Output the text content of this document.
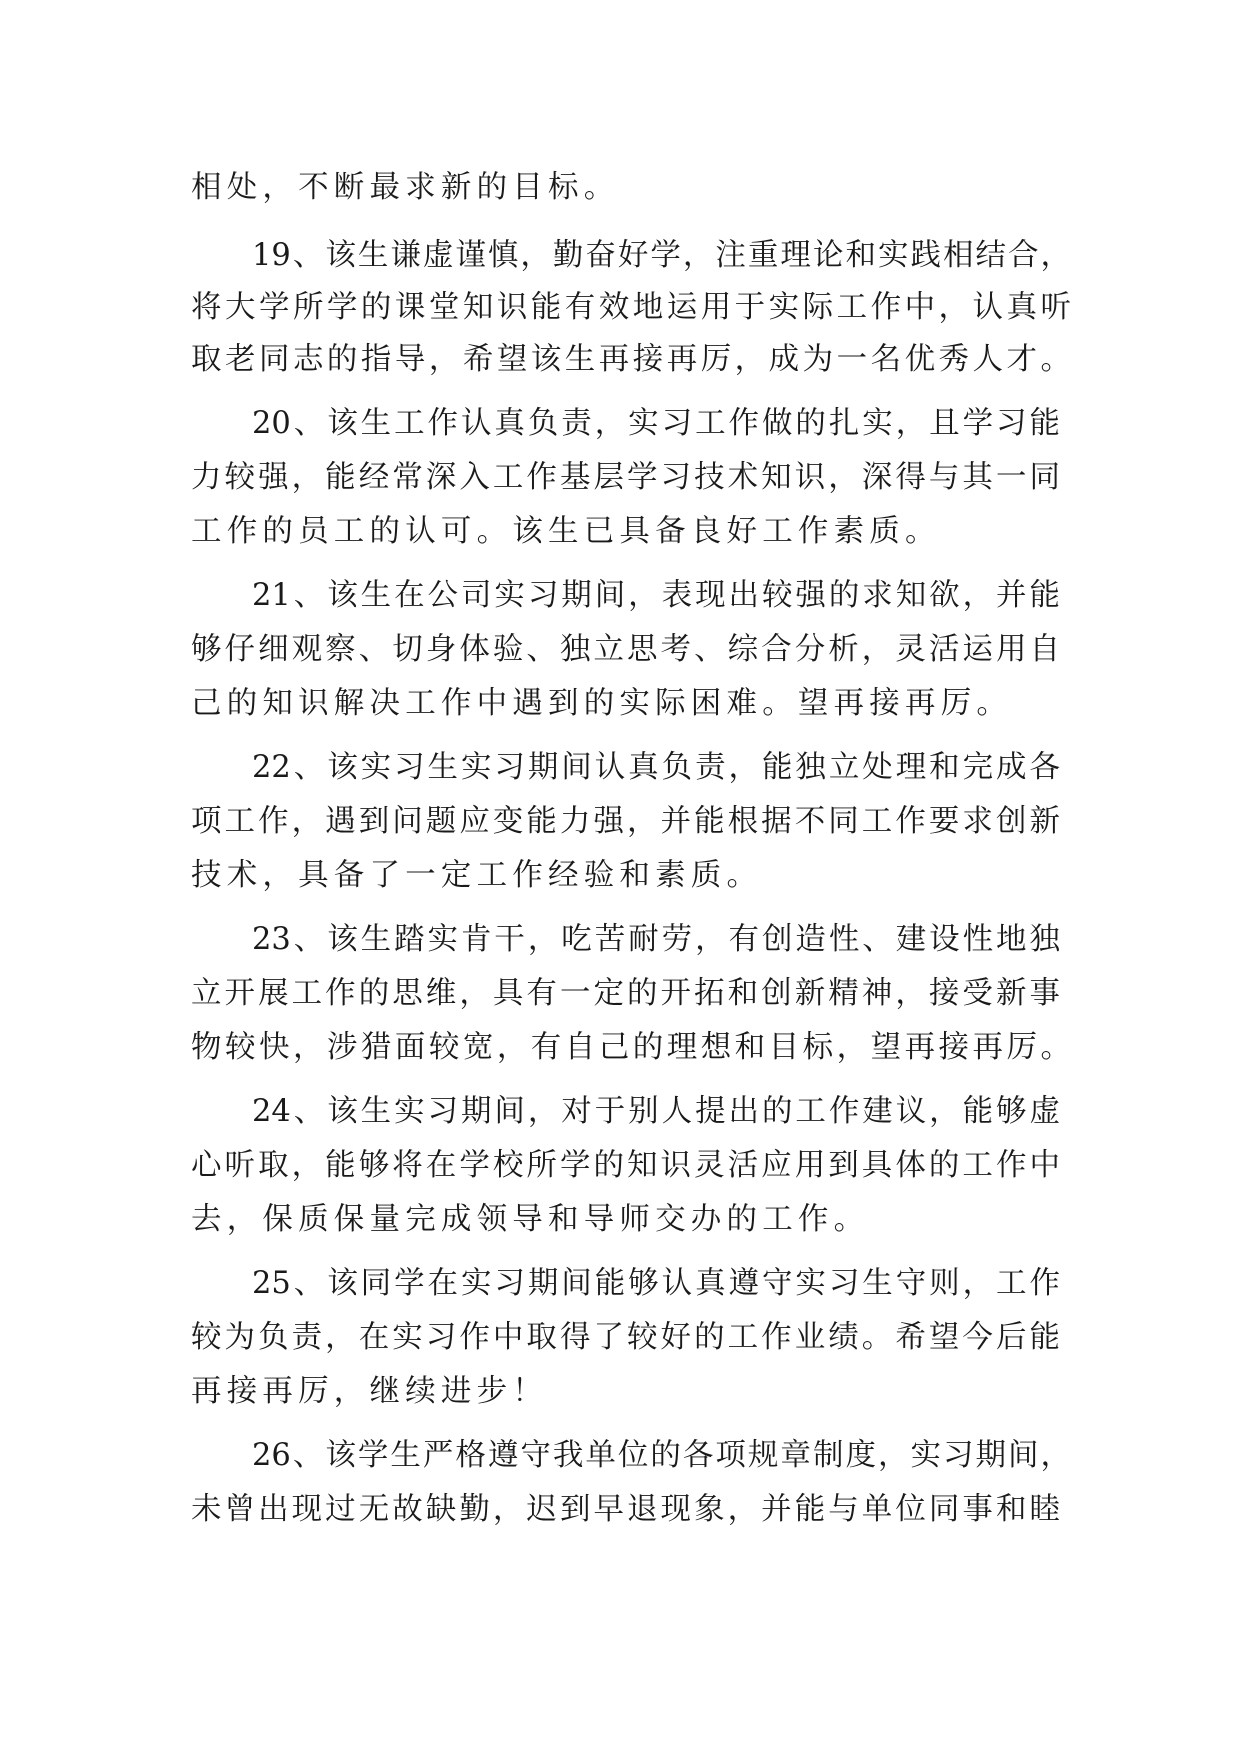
相处，不断最求新的目标。
19、该生谦虚谨慎，勤奋好学，注重理论和实践相结合，
将大学所学的课堂知识能有效地运用于实际工作中，认真听
取老同志的指导，希望该生再接再厉，成为一名优秀人才。
20、该生工作认真负责，实习工作做的扎实，且学习能
力较强，能经常深入工作基层学习技术知识，深得与其一同
工作的员工的认可。该生已具备良好工作素质。
21、该生在公司实习期间，表现出较强的求知欲，并能
够仔细观察、切身体验、独立思考、综合分析，灵活运用自
己的知识解决工作中遇到的实际困难。望再接再厉。
22、该实习生实习期间认真负责，能独立处理和完成各
项工作，遇到问题应变能力强，并能根据不同工作要求创新
技术，具备了一定工作经验和素质。
23、该生踏实肯干，吃苦耐劳，有创造性、建设性地独
立开展工作的思维，具有一定的开拓和创新精神，接受新事
物较快，涉猎面较宽，有自己的理想和目标，望再接再厉。
24、该生实习期间，对于别人提出的工作建议，能够虚
心听取，能够将在学校所学的知识灵活应用到具体的工作中
去，保质保量完成领导和导师交办的工作。
25、该同学在实习期间能够认真遵守实习生守则，工作
较为负责，在实习作中取得了较好的工作业绩。希望今后能
再接再厉，继续进步！
26、该学生严格遵守我单位的各项规章制度，实习期间，
未曾出现过无故缺勤，迟到早退现象，并能与单位同事和睦
